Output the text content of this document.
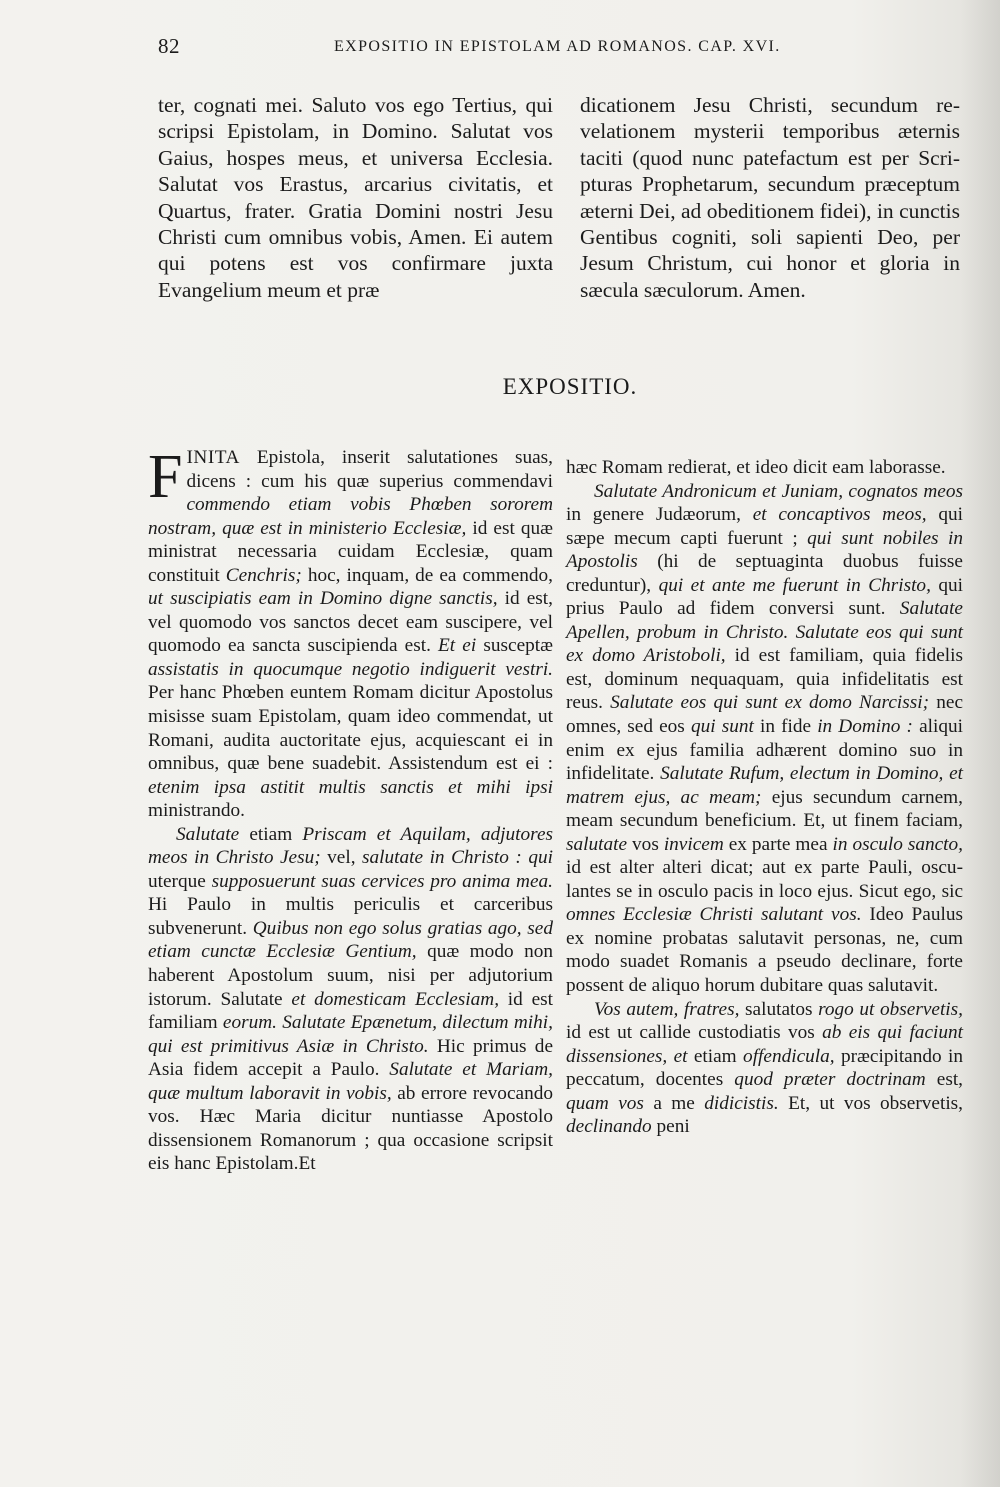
82	EXPOSITIO IN EPISTOLAM AD ROMANOS. CAP. XVI.

ter, cognati mei. Saluto vos ego Tertius, qui scripsi Epistolam, in Domino. Salutat vos Gaius, hospes meus, et universa Ecclesia. Salutat vos Erastus, arcarius civitatis, et Quartus, frater. Gratia Domini nostri Jesu Christi cum omnibus vobis, Amen. Ei autem qui potens est vos confirmare juxta Evangelium meum et præ

dicationem Jesu Christi, secundum revelationem mysterii temporibus æternis taciti (quod nunc patefactum est per Scripturas Prophetarum, secundum præceptum æterni Dei, ad obeditionem fidei), in cunctis Gentibus cogniti, soli sapienti Deo, per Jesum Christum, cui honor et gloria in sæcula sæculorum. Amen.

EXPOSITIO.

FINITA Epistola, inserit salutationes suas, dicens : cum his quæ superius commendavi commendo etiam vobis Phœben sororem nostram, quæ est in ministerio Ecclesiæ, id est quæ ministrat necessaria cuidam Ecclesiæ, quam constituit Cenchris; hoc, inquam, de ea commendo, ut suscipiatis eam in Domino digne sanctis, id est, vel quomodo vos sanctos decet eam suscipere, vel quomodo ea sancta suscipienda est. Et ei susceptæ assistatis in quocumque negotio indiguerit vestri. Per hanc Phœben euntem Romam dicitur Apostolus misisse suam Epistolam, quam ideo commendat, ut Romani, audita auctoritate ejus, acquiescant ei in omnibus, quæ bene suadebit. Assistendum est ei : etenim ipsa astitit multis sanctis et mihi ipsi ministrando.

Salutate etiam Priscam et Aquilam, adjutores meos in Christo Jesu; vel, salutate in Christo : qui uterque supposuerunt suas cervices pro anima mea. Hi Paulo in multis periculis et carceribus subvenerunt. Quibus non ego solus gratias ago, sed etiam cunctæ Ecclesiæ Gentium, quæ modo non haberent Apostolum suum, nisi per adjutorium istorum. Salutate et domesticam Ecclesiam, id est familiam eorum. Salutate Epænetum, dilectum mihi, qui est primitivus Asiæ in Christo. Hic primus de Asia fidem accepit a Paulo. Salutate et Mariam, quæ multum laboravit in vobis, ab errore revocando vos. Hæc Maria dicitur nuntiasse Apostolo dissensionem Romanorum ; qua occasione scripsit eis hanc Epistolam.Et

hæc Romam redierat, et ideo dicit eam laborasse.

Salutate Andronicum et Juniam, cognatos meos in genere Judæorum, et concaptivos meos, qui sæpe mecum capti fuerunt ; qui sunt nobiles in Apostolis (hi de septuaginta duobus fuisse creduntur), qui et ante me fuerunt in Christo, qui prius Paulo ad fidem conversi sunt. Salutate Apellen, probum in Christo. Salutate eos qui sunt ex domo Aristoboli, id est familiam, quia fidelis est, dominum nequaquam, quia infidelitatis est reus. Salutate eos qui sunt ex domo Narcissi; nec omnes, sed eos qui sunt in fide in Domino : aliqui enim ex ejus familia adhærent domino suo in infidelitate. Salutate Rufum, electum in Domino, et matrem ejus, ac meam; ejus secundum carnem, meam secundum beneficium. Et, ut finem faciam, salutate vos invicem ex parte mea in osculo sancto, id est alter alteri dicat; aut ex parte Pauli, osculantes se in osculo pacis in loco ejus. Sicut ego, sic omnes Ecclesiæ Christi salutant vos. Ideo Paulus ex nomine probatas salutavit personas, ne, cum modo suadet Romanis a pseudo declinare, forte possent de aliquo horum dubitare quas salutavit.

Vos autem, fratres, salutatos rogo ut observetis, id est ut callide custodiatis vos ab eis qui faciunt dissensiones, et etiam offendicula, præcipitando in peccatum, docentes quod præter doctrinam est, quam vos a me didicistis. Et, ut vos observetis, declinando peni
